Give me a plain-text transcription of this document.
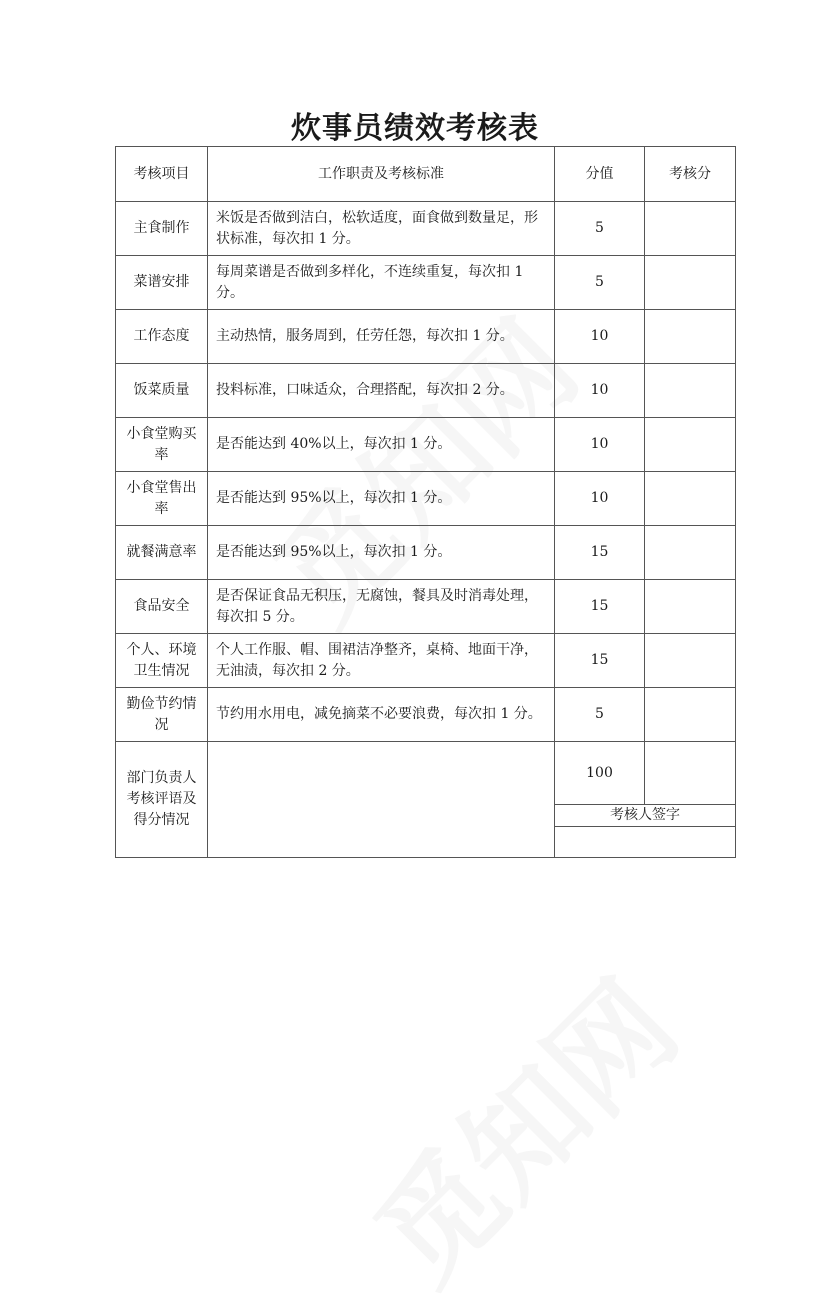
炊事员绩效考核表
考核项目	工作职责及考核标准	分值	考核分
主食制作	米饭是否做到洁白，松软适度，面食做到数量足，形状标准，每次扣 1 分。	5	
菜谱安排	每周菜谱是否做到多样化，不连续重复，每次扣 1 分。	5	
工作态度	主动热情，服务周到，任劳任怨，每次扣 1 分。	10	
饭菜质量	投料标准，口味适众，合理搭配，每次扣 2 分。	10	
小食堂购买率	是否能达到 40%以上，每次扣 1 分。	10	
小食堂售出率	是否能达到 95%以上，每次扣 1 分。	10	
就餐满意率	是否能达到 95%以上，每次扣 1 分。	15	
食品安全	是否保证食品无积压，无腐蚀，餐具及时消毒处理，每次扣 5 分。	15	
个人、环境卫生情况	个人工作服、帽、围裙洁净整齐，桌椅、地面干净，无油渍，每次扣 2 分。	15	
勤俭节约情况	节约用水用电，减免摘菜不必要浪费，每次扣 1 分。	5	
部门负责人考核评语及得分情况		100	
		考核人签字	
